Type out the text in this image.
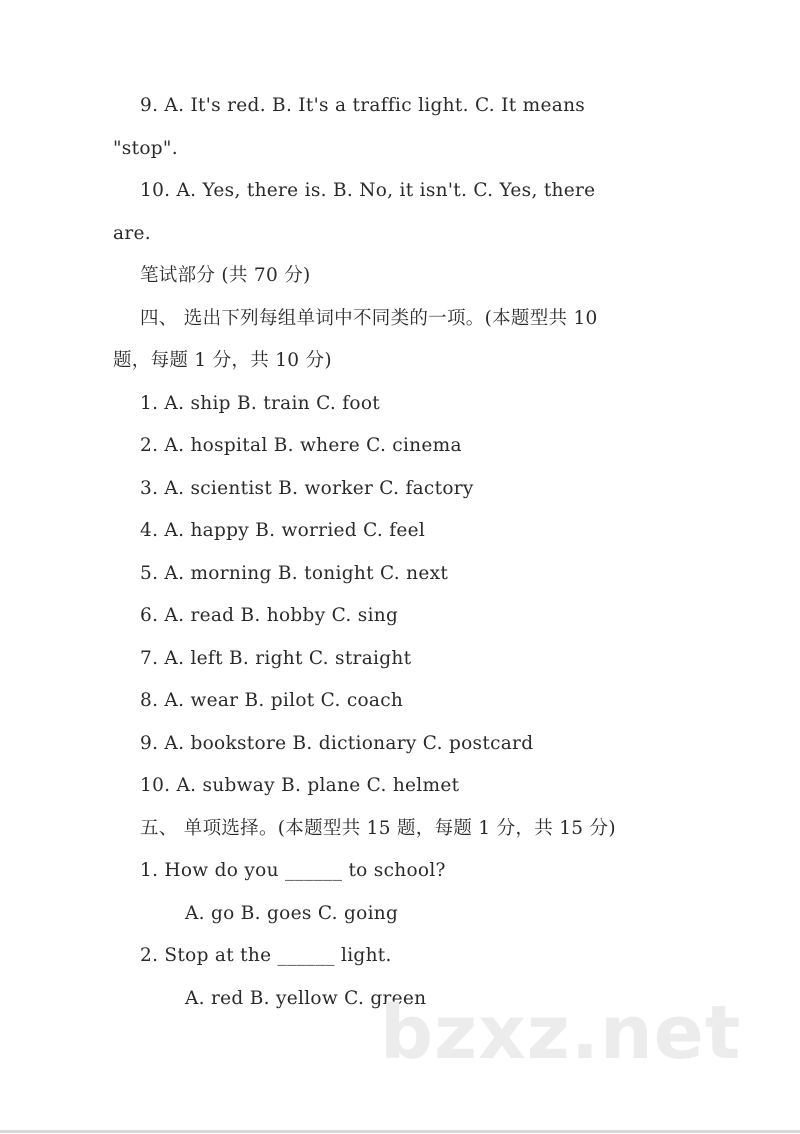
9. A. It's red. B. It's a traffic light. C. It means
"stop".
10. A. Yes, there is. B. No, it isn't. C. Yes, there
are.
笔试部分 (共 70 分)
四、 选出下列每组单词中不同类的一项。(本题型共 10
题，每题 1 分，共 10 分)
1. A. ship B. train C. foot
2. A. hospital B. where C. cinema
3. A. scientist B. worker C. factory
4. A. happy B. worried C. feel
5. A. morning B. tonight C. next
6. A. read B. hobby C. sing
7. A. left B. right C. straight
8. A. wear B. pilot C. coach
9. A. bookstore B. dictionary C. postcard
10. A. subway B. plane C. helmet
五、 单项选择。(本题型共 15 题，每题 1 分，共 15 分)
1. How do you ______ to school?
A. go B. goes C. going
2. Stop at the ______ light.
A. red B. yellow C. green
bzxz.net
